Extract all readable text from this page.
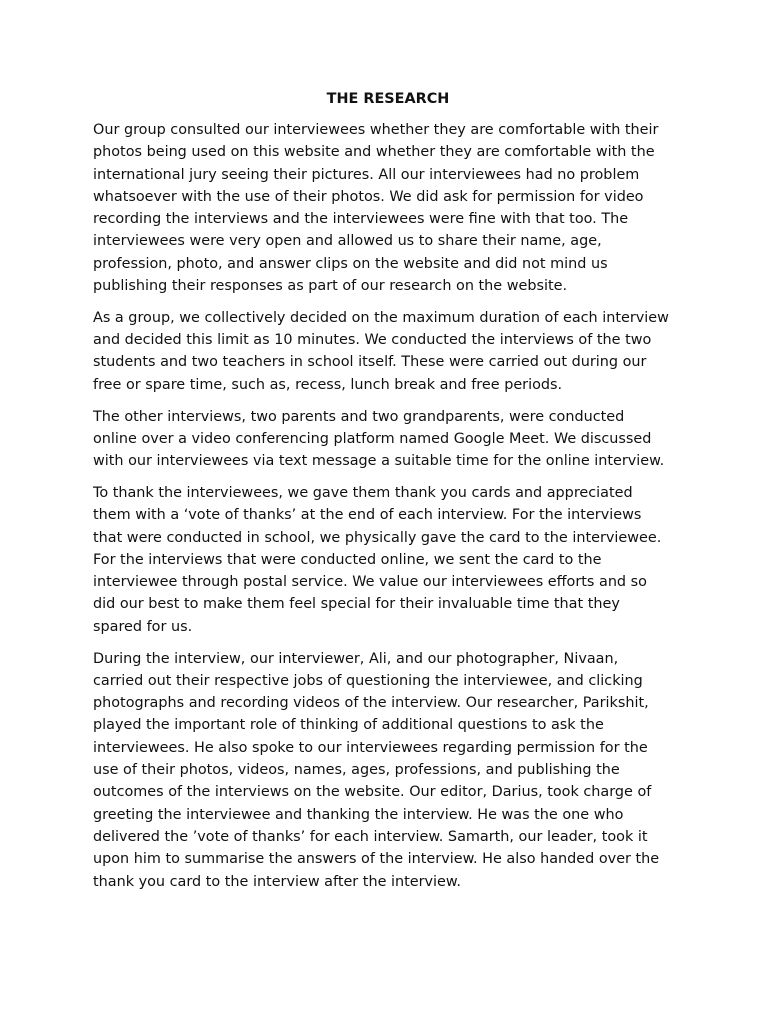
THE RESEARCH
Our group consulted our interviewees whether they are comfortable with their
photos being used on this website and whether they are comfortable with the
international jury seeing their pictures. All our interviewees had no problem
whatsoever with the use of their photos. We did ask for permission for video
recording the interviews and the interviewees were fine with that too. The
interviewees were very open and allowed us to share their name, age,
profession, photo, and answer clips on the website and did not mind us
publishing their responses as part of our research on the website.
As a group, we collectively decided on the maximum duration of each interview
and decided this limit as 10 minutes. We conducted the interviews of the two
students and two teachers in school itself. These were carried out during our
free or spare time, such as, recess, lunch break and free periods.
The other interviews, two parents and two grandparents, were conducted
online over a video conferencing platform named Google Meet. We discussed
with our interviewees via text message a suitable time for the online interview.
To thank the interviewees, we gave them thank you cards and appreciated
them with a ‘vote of thanks’ at the end of each interview. For the interviews
that were conducted in school, we physically gave the card to the interviewee.
For the interviews that were conducted online, we sent the card to the
interviewee through postal service. We value our interviewees efforts and so
did our best to make them feel special for their invaluable time that they
spared for us.
During the interview, our interviewer, Ali, and our photographer, Nivaan,
carried out their respective jobs of questioning the interviewee, and clicking
photographs and recording videos of the interview. Our researcher, Parikshit,
played the important role of thinking of additional questions to ask the
interviewees. He also spoke to our interviewees regarding permission for the
use of their photos, videos, names, ages, professions, and publishing the
outcomes of the interviews on the website. Our editor, Darius, took charge of
greeting the interviewee and thanking the interview. He was the one who
delivered the ’vote of thanks’ for each interview. Samarth, our leader, took it
upon him to summarise the answers of the interview. He also handed over the
thank you card to the interview after the interview.
